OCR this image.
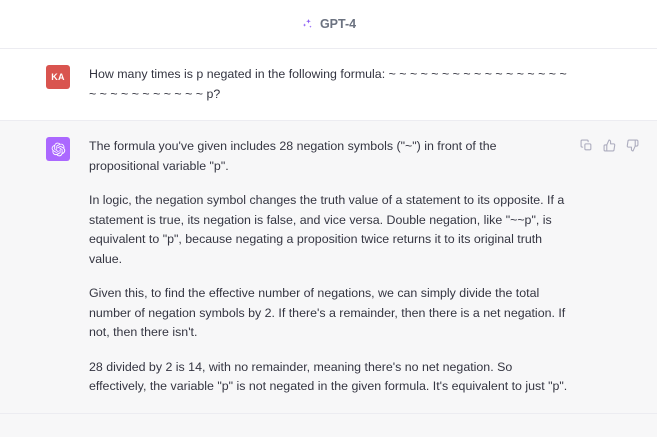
GPT-4
KA	How many times is p negated in the following formula: ~ ~ ~ ~ ~ ~ ~ ~ ~ ~ ~ ~ ~ ~ ~ ~ ~ ~ ~ ~ ~ ~ ~ ~ ~ ~ ~ ~ p?

The formula you've given includes 28 negation symbols ("~") in front of the propositional variable "p".

In logic, the negation symbol changes the truth value of a statement to its opposite. If a statement is true, its negation is false, and vice versa. Double negation, like "~~p", is equivalent to "p", because negating a proposition twice returns it to its original truth value.

Given this, to find the effective number of negations, we can simply divide the total number of negation symbols by 2. If there's a remainder, then there is a net negation. If not, then there isn't.

28 divided by 2 is 14, with no remainder, meaning there's no net negation. So effectively, the variable "p" is not negated in the given formula. It's equivalent to just "p".
